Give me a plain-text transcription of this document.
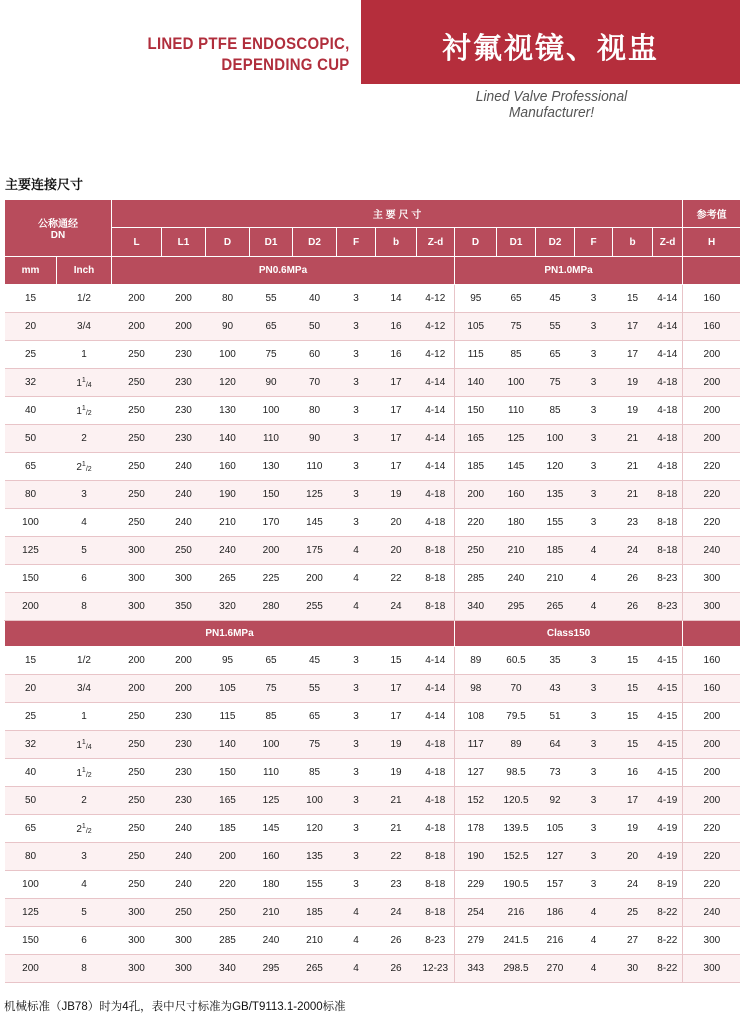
LINED PTFE ENDOSCOPIC,
DEPENDING CUP	衬氟视镜、视盅
Lined Valve Professional
Manufacturer!
主要连接尺寸
公称通经
DN		主 要 尺 寸														参考值
		L	L1	D	D1	D2	F	b	Z-d	D	D1	D2	F	b	Z-d	H
mm	Inch	PN0.6MPa								PN1.0MPa						
15	1/2	200	200	80	55	40	3	14	4-12	95	65	45	3	15	4-14	160
20	3/4	200	200	90	65	50	3	16	4-12	105	75	55	3	17	4-14	160
25	1	250	230	100	75	60	3	16	4-12	115	85	65	3	17	4-14	200
32	$1^1/4$	250	230	120	90	70	3	17	4-14	140	100	75	3	19	4-18	200
40	$1^1/2$	250	230	130	100	80	3	17	4-14	150	110	85	3	19	4-18	200
50	2	250	230	140	110	90	3	17	4-14	165	125	100	3	21	4-18	200
65	$2^1/2$	250	240	160	130	110	3	17	4-14	185	145	120	3	21	4-18	220
80	3	250	240	190	150	125	3	19	4-18	200	160	135	3	21	8-18	220
100	4	250	240	210	170	145	3	20	4-18	220	180	155	3	23	8-18	220
125	5	300	250	240	200	175	4	20	8-18	250	210	185	4	24	8-18	240
150	6	300	300	265	225	200	4	22	8-18	285	240	210	4	26	8-23	300
200	8	300	350	320	280	255	4	24	8-18	340	295	265	4	26	8-23	300
PN1.6MPa										Class150						
15	1/2	200	200	95	65	45	3	15	4-14	89	60.5	35	3	15	4-15	160
20	3/4	200	200	105	75	55	3	17	4-14	98	70	43	3	15	4-15	160
25	1	250	230	115	85	65	3	17	4-14	108	79.5	51	3	15	4-15	200
32	$1^1/4$	250	230	140	100	75	3	19	4-18	117	89	64	3	15	4-15	200
40	$1^1/2$	250	230	150	110	85	3	19	4-18	127	98.5	73	3	16	4-15	200
50	2	250	230	165	125	100	3	21	4-18	152	120.5	92	3	17	4-19	200
65	$2^1/2$	250	240	185	145	120	3	21	4-18	178	139.5	105	3	19	4-19	220
80	3	250	240	200	160	135	3	22	8-18	190	152.5	127	3	20	4-19	220
100	4	250	240	220	180	155	3	23	8-18	229	190.5	157	3	24	8-19	220
125	5	300	250	250	210	185	4	24	8-18	254	216	186	4	25	8-22	240
150	6	300	300	285	240	210	4	26	8-23	279	241.5	216	4	27	8-22	300
200	8	300	300	340	295	265	4	26	12-23	343	298.5	270	4	30	8-22	300
机械标准（JB78）时为4孔，表中尺寸标准为GB/T9113.1-2000标准
